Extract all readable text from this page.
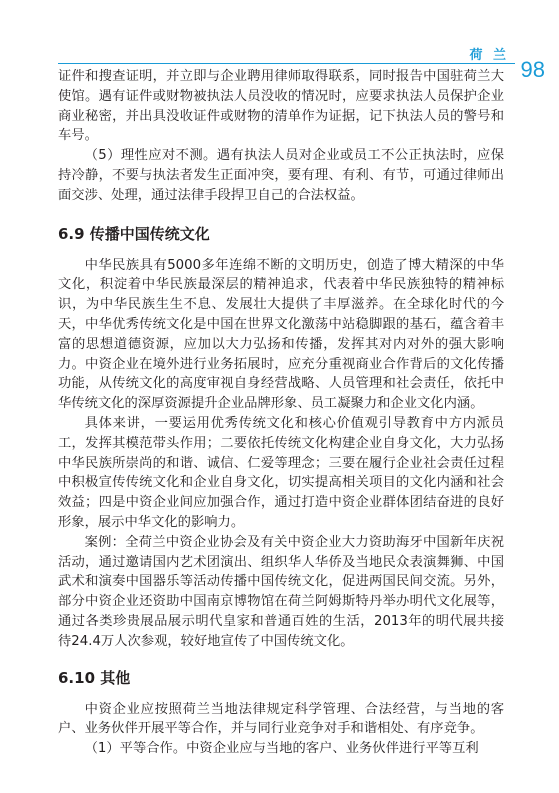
荷 兰
98

证件和搜查证明，并立即与企业聘用律师取得联系，同时报告中国驻荷兰大使馆。遇有证件或财物被执法人员没收的情况时，应要求执法人员保护企业商业秘密，并出具没收证件或财物的清单作为证据，记下执法人员的警号和车号。

（5）理性应对不测。遇有执法人员对企业或员工不公正执法时，应保持冷静，不要与执法者发生正面冲突，要有理、有利、有节，可通过律师出面交涉、处理，通过法律手段捍卫自己的合法权益。

6.9 传播中国传统文化

中华民族具有5000多年连绵不断的文明历史，创造了博大精深的中华文化，积淀着中华民族最深层的精神追求，代表着中华民族独特的精神标识，为中华民族生生不息、发展壮大提供了丰厚滋养。在全球化时代的今天，中华优秀传统文化是中国在世界文化激荡中站稳脚跟的基石，蕴含着丰富的思想道德资源，应加以大力弘扬和传播，发挥其对内对外的强大影响力。中资企业在境外进行业务拓展时，应充分重视商业合作背后的文化传播功能，从传统文化的高度审视自身经营战略、人员管理和社会责任，依托中华传统文化的深厚资源提升企业品牌形象、员工凝聚力和企业文化内涵。

具体来讲，一要运用优秀传统文化和核心价值观引导教育中方内派员工，发挥其模范带头作用；二要依托传统文化构建企业自身文化，大力弘扬中华民族所崇尚的和谐、诚信、仁爱等理念；三要在履行企业社会责任过程中积极宣传传统文化和企业自身文化，切实提高相关项目的文化内涵和社会效益；四是中资企业间应加强合作，通过打造中资企业群体团结奋进的良好形象，展示中华文化的影响力。

案例：全荷兰中资企业协会及有关中资企业大力资助海牙中国新年庆祝活动，通过邀请国内艺术团演出、组织华人华侨及当地民众表演舞狮、中国武术和演奏中国器乐等活动传播中国传统文化，促进两国民间交流。另外，部分中资企业还资助中国南京博物馆在荷兰阿姆斯特丹举办明代文化展等，通过各类珍贵展品展示明代皇家和普通百姓的生活，2013年的明代展共接待24.4万人次参观，较好地宣传了中国传统文化。

6.10 其他

中资企业应按照荷兰当地法律规定科学管理、合法经营，与当地的客户、业务伙伴开展平等合作，并与同行业竞争对手和谐相处、有序竞争。

（1）平等合作。中资企业应与当地的客户、业务伙伴进行平等互利
